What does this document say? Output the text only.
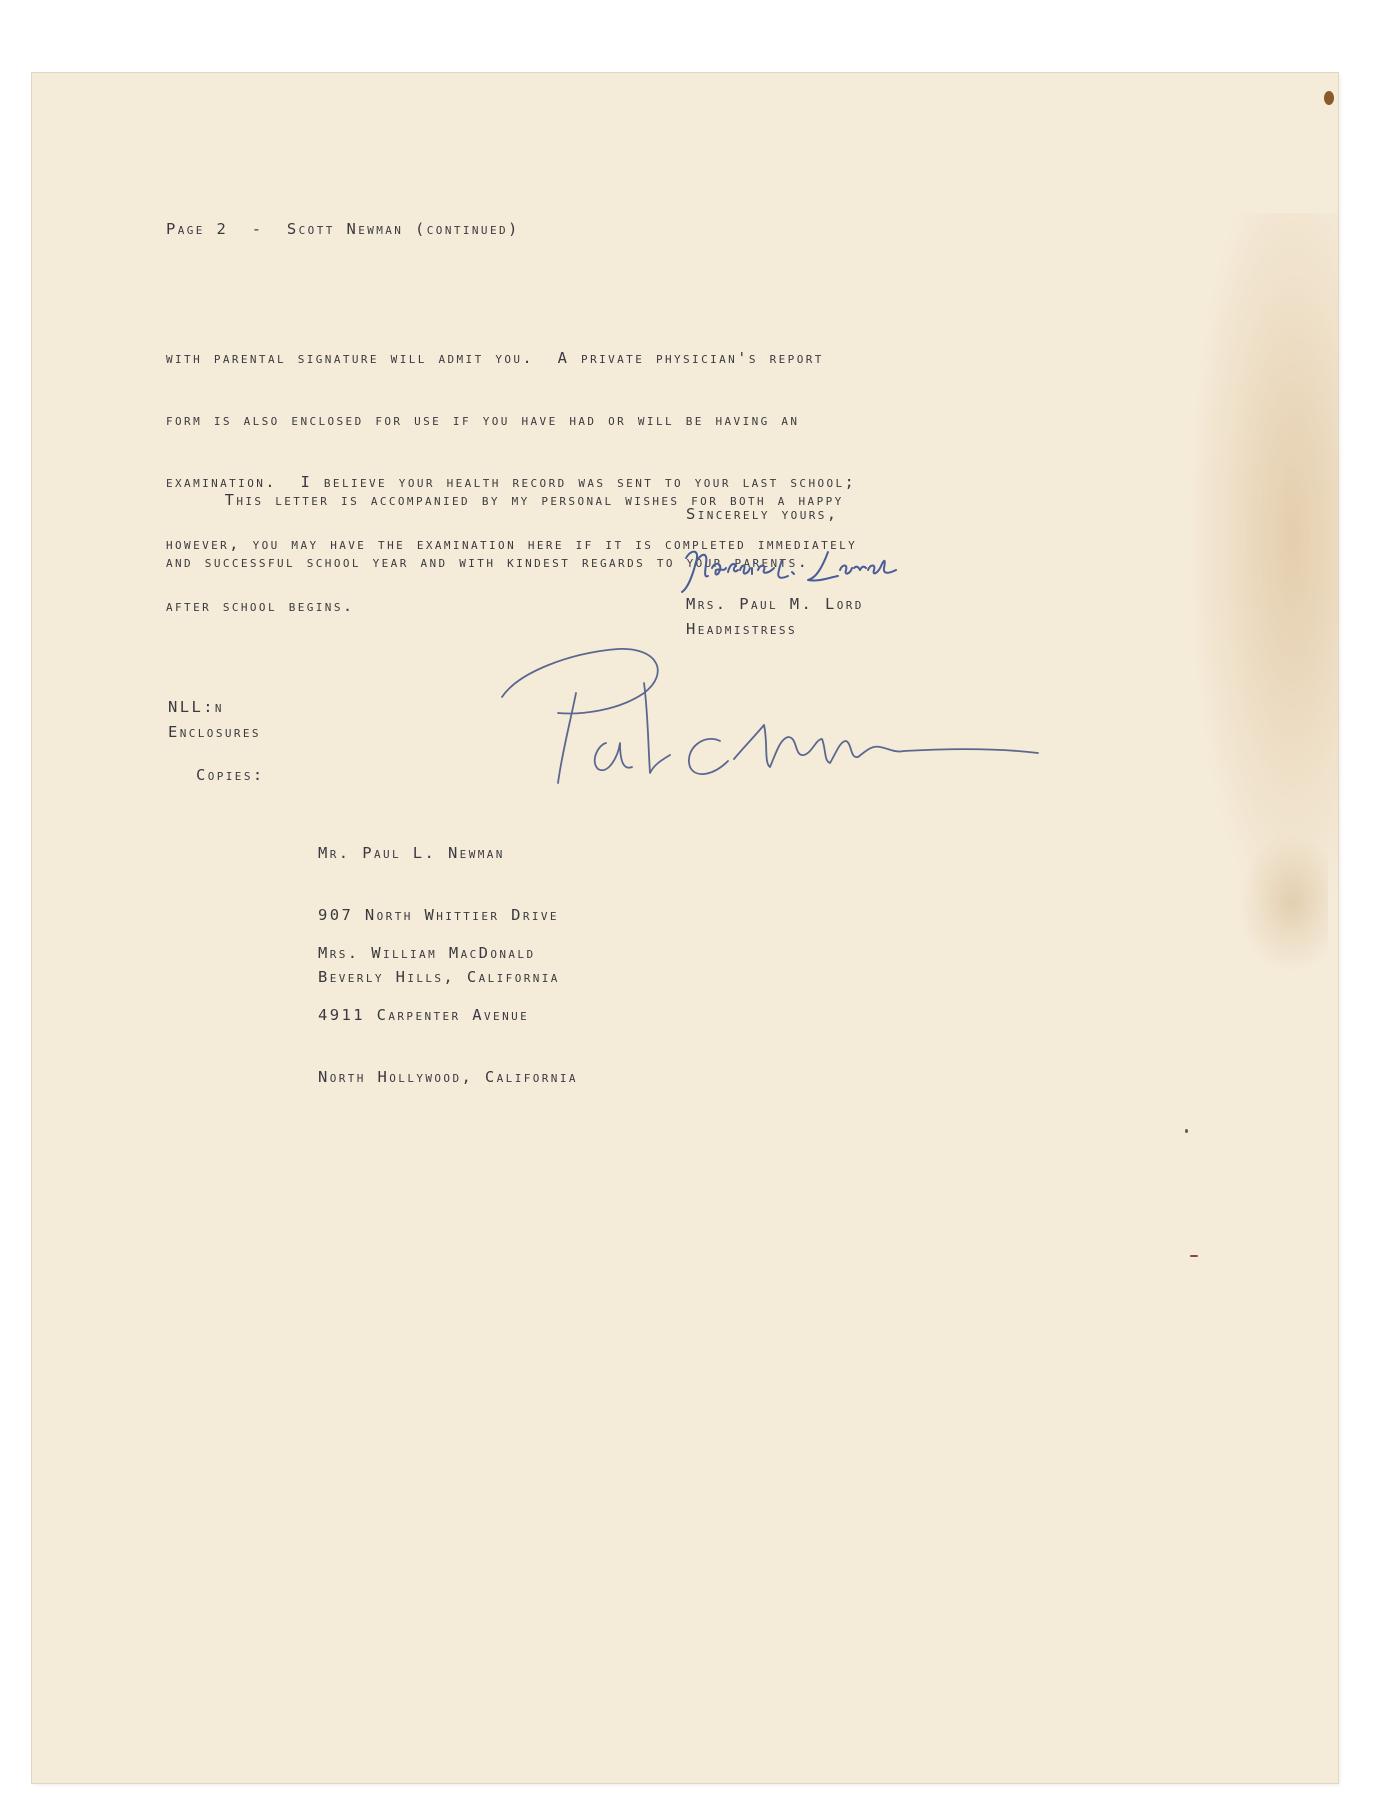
Page 2  -  Scott Newman (continued)

with parental signature will admit you.  A private physician's report

form is also enclosed for use if you have had or will be having an

examination.  I believe your health record was sent to your last school;

however, you may have the examination here if it is completed immediately

after school begins.

This letter is accompanied by my personal wishes for both a happy

and successful school year and with kindest regards to your parents.

Sincerely yours,

Mrs. Paul M. Lord

Headmistress

NLL:n

Enclosures

Copies:

Mr. Paul L. Newman

907 North Whittier Drive

Beverly Hills, California

Mrs. William MacDonald

4911 Carpenter Avenue

North Hollywood, California
